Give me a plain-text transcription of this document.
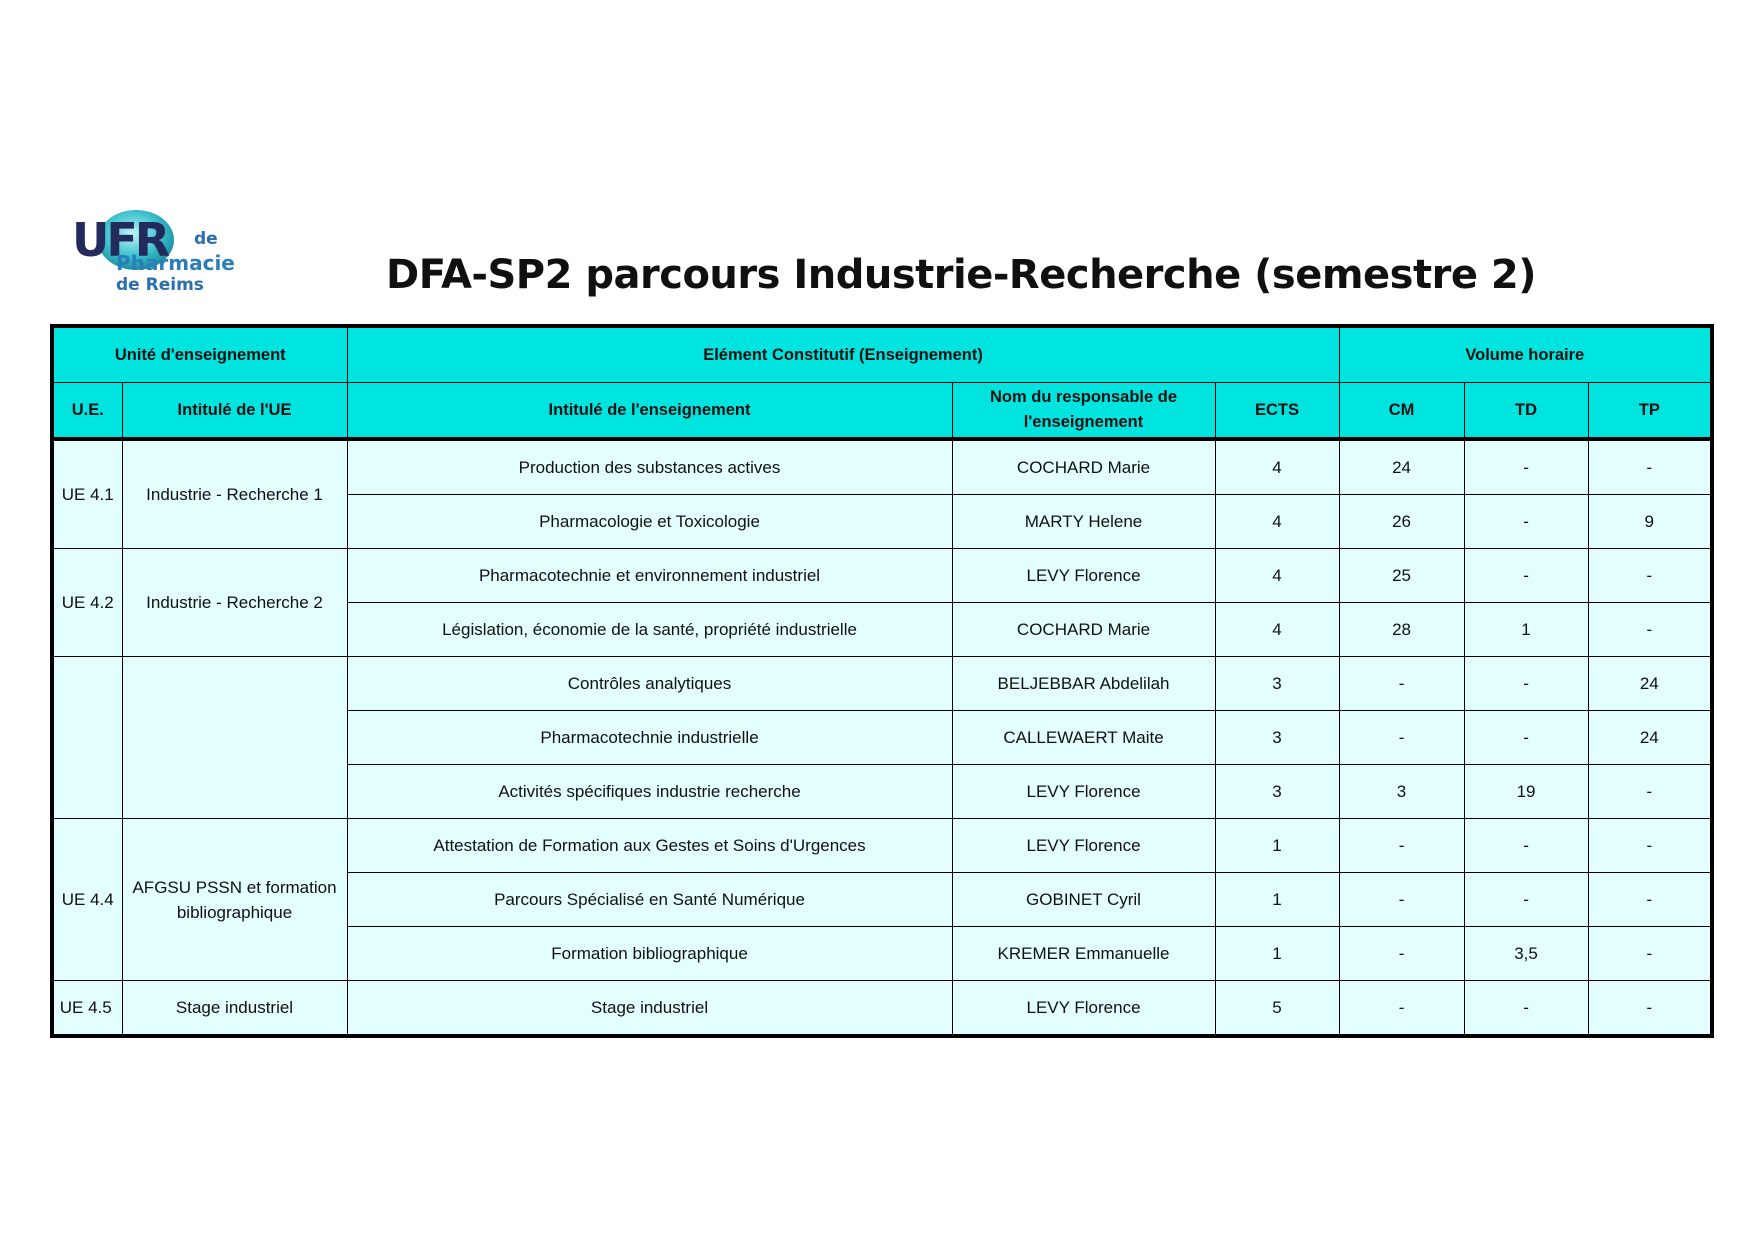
UFR de
Pharmacie
de Reims	DFA-SP2 parcours Industrie-Recherche (semestre 2)
Unité d'enseignement		Elément Constitutif (Enseignement)			Volume horaire		
U.E.	Intitulé de l'UE	Intitulé de l'enseignement	Nom du responsable de l'enseignement	ECTS	CM	TD	TP
UE 4.1	Industrie - Recherche 1	Production des substances actives	COCHARD Marie	4	24	-	-
		Pharmacologie et Toxicologie	MARTY Helene	4	26	-	9
UE 4.2	Industrie - Recherche 2	Pharmacotechnie et environnement industriel	LEVY Florence	4	25	-	-
		Législation, économie de la santé, propriété industrielle	COCHARD Marie	4	28	1	-
		Contrôles analytiques	BELJEBBAR Abdelilah	3	-	-	24
		Pharmacotechnie industrielle	CALLEWAERT Maite	3	-	-	24
		Activités spécifiques industrie recherche	LEVY Florence	3	3	19	-
UE 4.4	AFGSU PSSN et formation bibliographique	Attestation de Formation aux Gestes et Soins d'Urgences	LEVY Florence	1	-	-	-
		Parcours Spécialisé en Santé Numérique	GOBINET Cyril	1	-	-	-
		Formation bibliographique	KREMER Emmanuelle	1	-	3,5	-
UE 4.5	Stage industriel	Stage industriel	LEVY Florence	5	-	-	-
